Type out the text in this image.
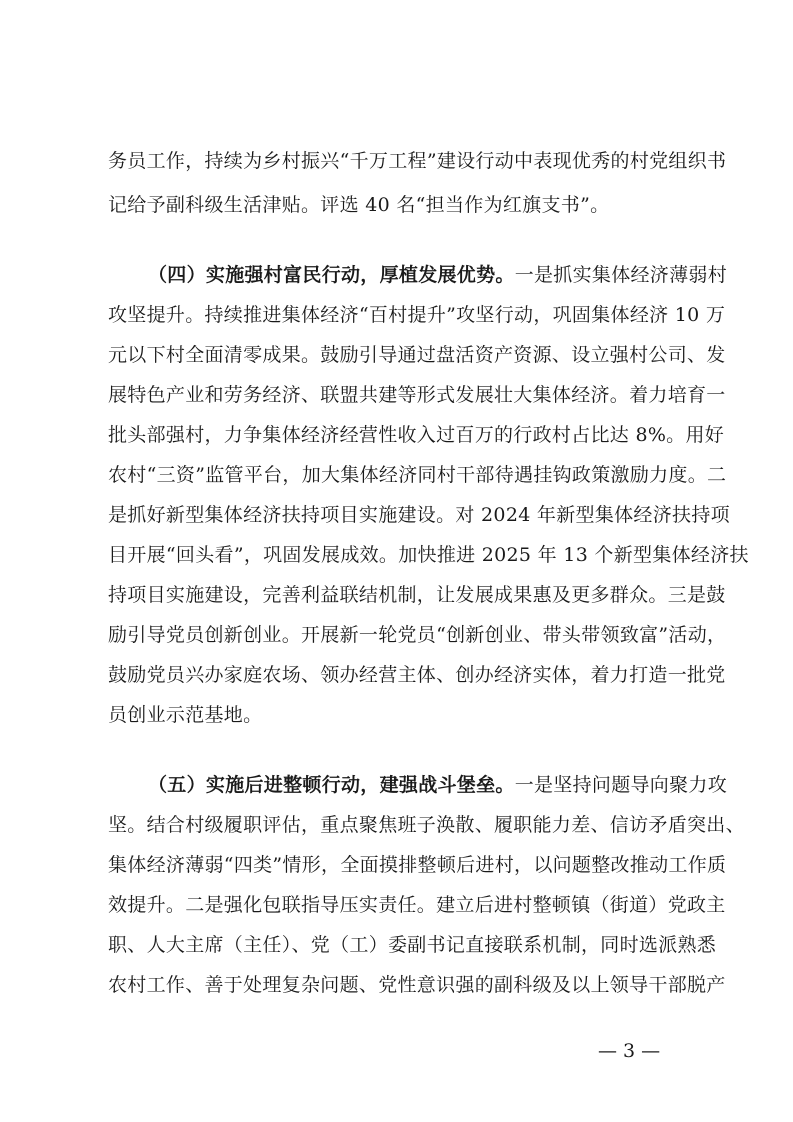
务员工作，持续为乡村振兴“千万工程”建设行动中表现优秀的村党组织书
记给予副科级生活津贴。评选 40 名“担当作为红旗支书”。
（四）实施强村富民行动，厚植发展优势。一是抓实集体经济薄弱村
攻坚提升。持续推进集体经济“百村提升”攻坚行动，巩固集体经济 10 万
元以下村全面清零成果。鼓励引导通过盘活资产资源、设立强村公司、发
展特色产业和劳务经济、联盟共建等形式发展壮大集体经济。着力培育一
批头部强村，力争集体经济经营性收入过百万的行政村占比达 8%。用好
农村“三资”监管平台，加大集体经济同村干部待遇挂钩政策激励力度。二
是抓好新型集体经济扶持项目实施建设。对 2024 年新型集体经济扶持项
目开展“回头看”，巩固发展成效。加快推进 2025 年 13 个新型集体经济扶
持项目实施建设，完善利益联结机制，让发展成果惠及更多群众。三是鼓
励引导党员创新创业。开展新一轮党员“创新创业、带头带领致富”活动，
鼓励党员兴办家庭农场、领办经营主体、创办经济实体，着力打造一批党
员创业示范基地。
（五）实施后进整顿行动，建强战斗堡垒。一是坚持问题导向聚力攻
坚。结合村级履职评估，重点聚焦班子涣散、履职能力差、信访矛盾突出、
集体经济薄弱“四类”情形，全面摸排整顿后进村，以问题整改推动工作质
效提升。二是强化包联指导压实责任。建立后进村整顿镇（街道）党政主
职、人大主席（主任）、党（工）委副书记直接联系机制，同时选派熟悉
农村工作、善于处理复杂问题、党性意识强的副科级及以上领导干部脱产
— 3 —
